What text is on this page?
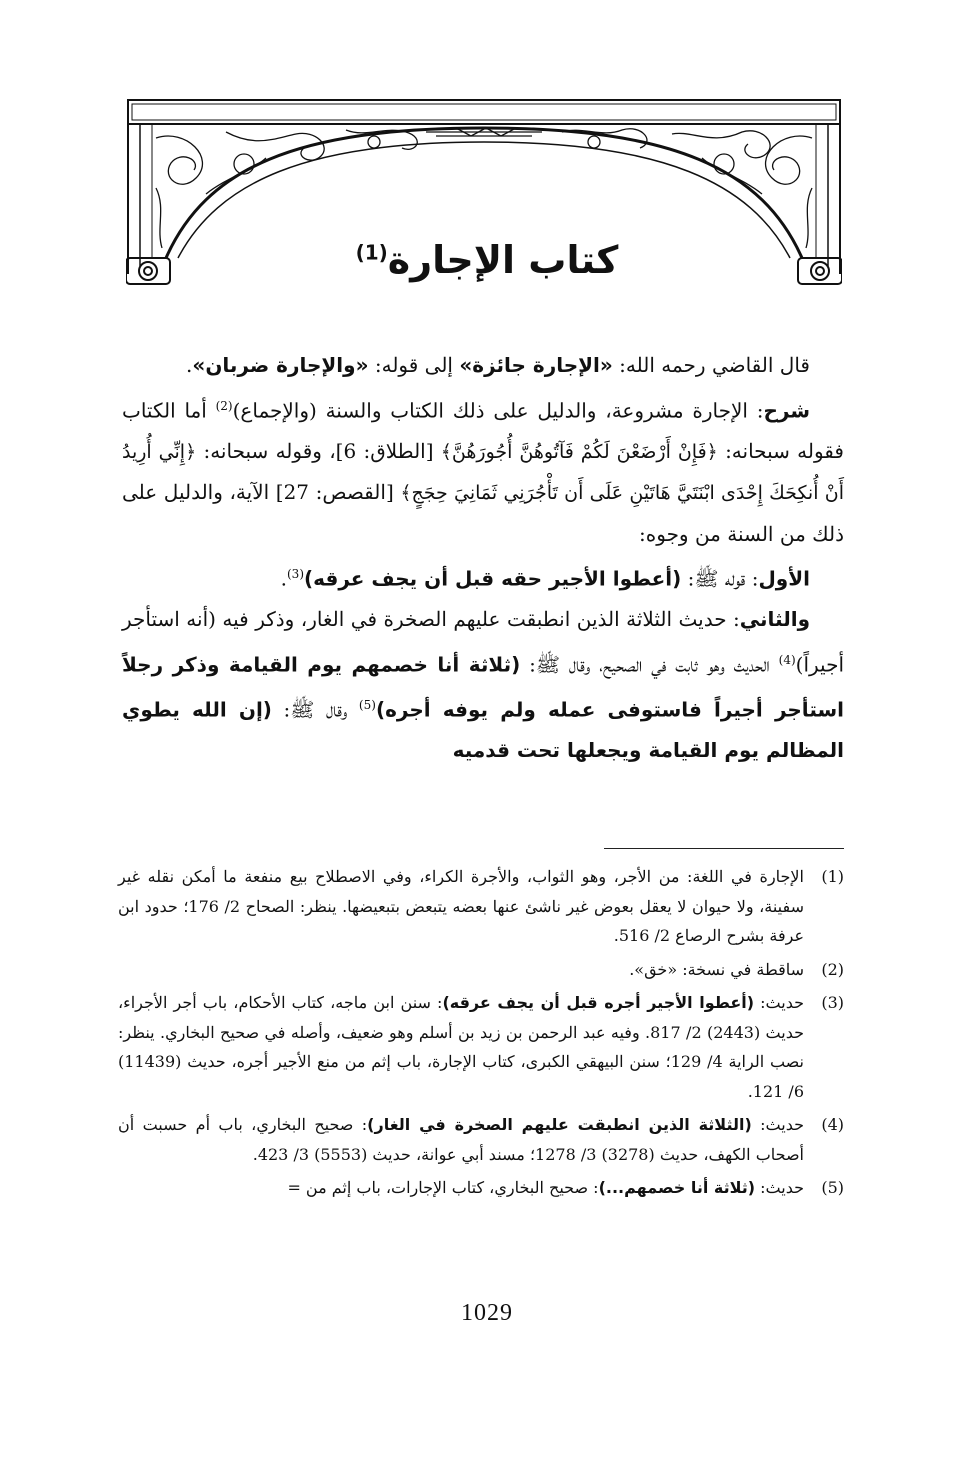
كتاب الإجارة$^{(1)}$

قال القاضي رحمه الله: «الإجارة جائزة» إلى قوله: «والإجارة ضربان».

شرح: الإجارة مشروعة، والدليل على ذلك الكتاب والسنة (والإجماع)$^{(2)}$ أما الكتاب فقوله سبحانه: ﴿فَإِنْ أَرْضَعْنَ لَكُمْ فَآتُوهُنَّ أُجُورَهُنَّ﴾ [الطلاق: 6]، وقوله سبحانه: ﴿إِنِّي أُرِيدُ أَنْ أُنكِحَكَ إِحْدَى ابْنَتَيَّ هَاتَيْنِ عَلَى أَن تَأْجُرَنِي ثَمَانِيَ حِجَجٍ﴾ [القصص: 27] الآية، والدليل على ذلك من السنة من وجوه:

الأول: قوله ﷺ: (أعطوا الأجير حقه قبل أن يجف عرقه)$^{(3)}$.

والثاني: حديث الثلاثة الذين انطبقت عليهم الصخرة في الغار، وذكر فيه (أنه استأجر أجيراً)$^{(4)}$ الحديث وهو ثابت في الصحيح، وقال ﷺ: (ثلاثة أنا خصمهم يوم القيامة وذكر رجلاً استأجر أجيراً فاستوفى عمله ولم يوفه أجره)$^{(5)}$ وقال ﷺ: (إن الله يطوي المظالم يوم القيامة ويجعلها تحت قدميه

(1)
الإجارة في اللغة: من الأجر، وهو الثواب، والأجرة الكراء، وفي الاصطلاح بيع منفعة ما أمكن نقله غير سفينة، ولا حيوان لا يعقل بعوض غير ناشئ عنها بعضه يتبعض بتبعيضها. ينظر: الصحاح 2/ 176؛ حدود ابن عرفة بشرح الرصاع 2/ 516.
(2)
ساقطة في نسخة: «خق».
(3)
حديث: (أعطوا الأجير أجره قبل أن يجف عرقه): سنن ابن ماجه، كتاب الأحكام، باب أجر الأجراء، حديث (2443) 2/ 817. وفيه عبد الرحمن بن زيد بن أسلم وهو ضعيف، وأصله في صحيح البخاري. ينظر: نصب الراية 4/ 129؛ سنن البيهقي الكبرى، كتاب الإجارة، باب إثم من منع الأجير أجره، حديث (11439) 6/ 121.
(4)
حديث: (الثلاثة الذين انطبقت عليهم الصخرة في الغار): صحيح البخاري، باب أم حسبت أن أصحاب الكهف، حديث (3278) 3/ 1278؛ مسند أبي عوانة، حديث (5553) 3/ 423.
(5)
حديث: (ثلاثة أنا خصمهم...): صحيح البخاري، كتاب الإجارات، باب إثم من =
1029
